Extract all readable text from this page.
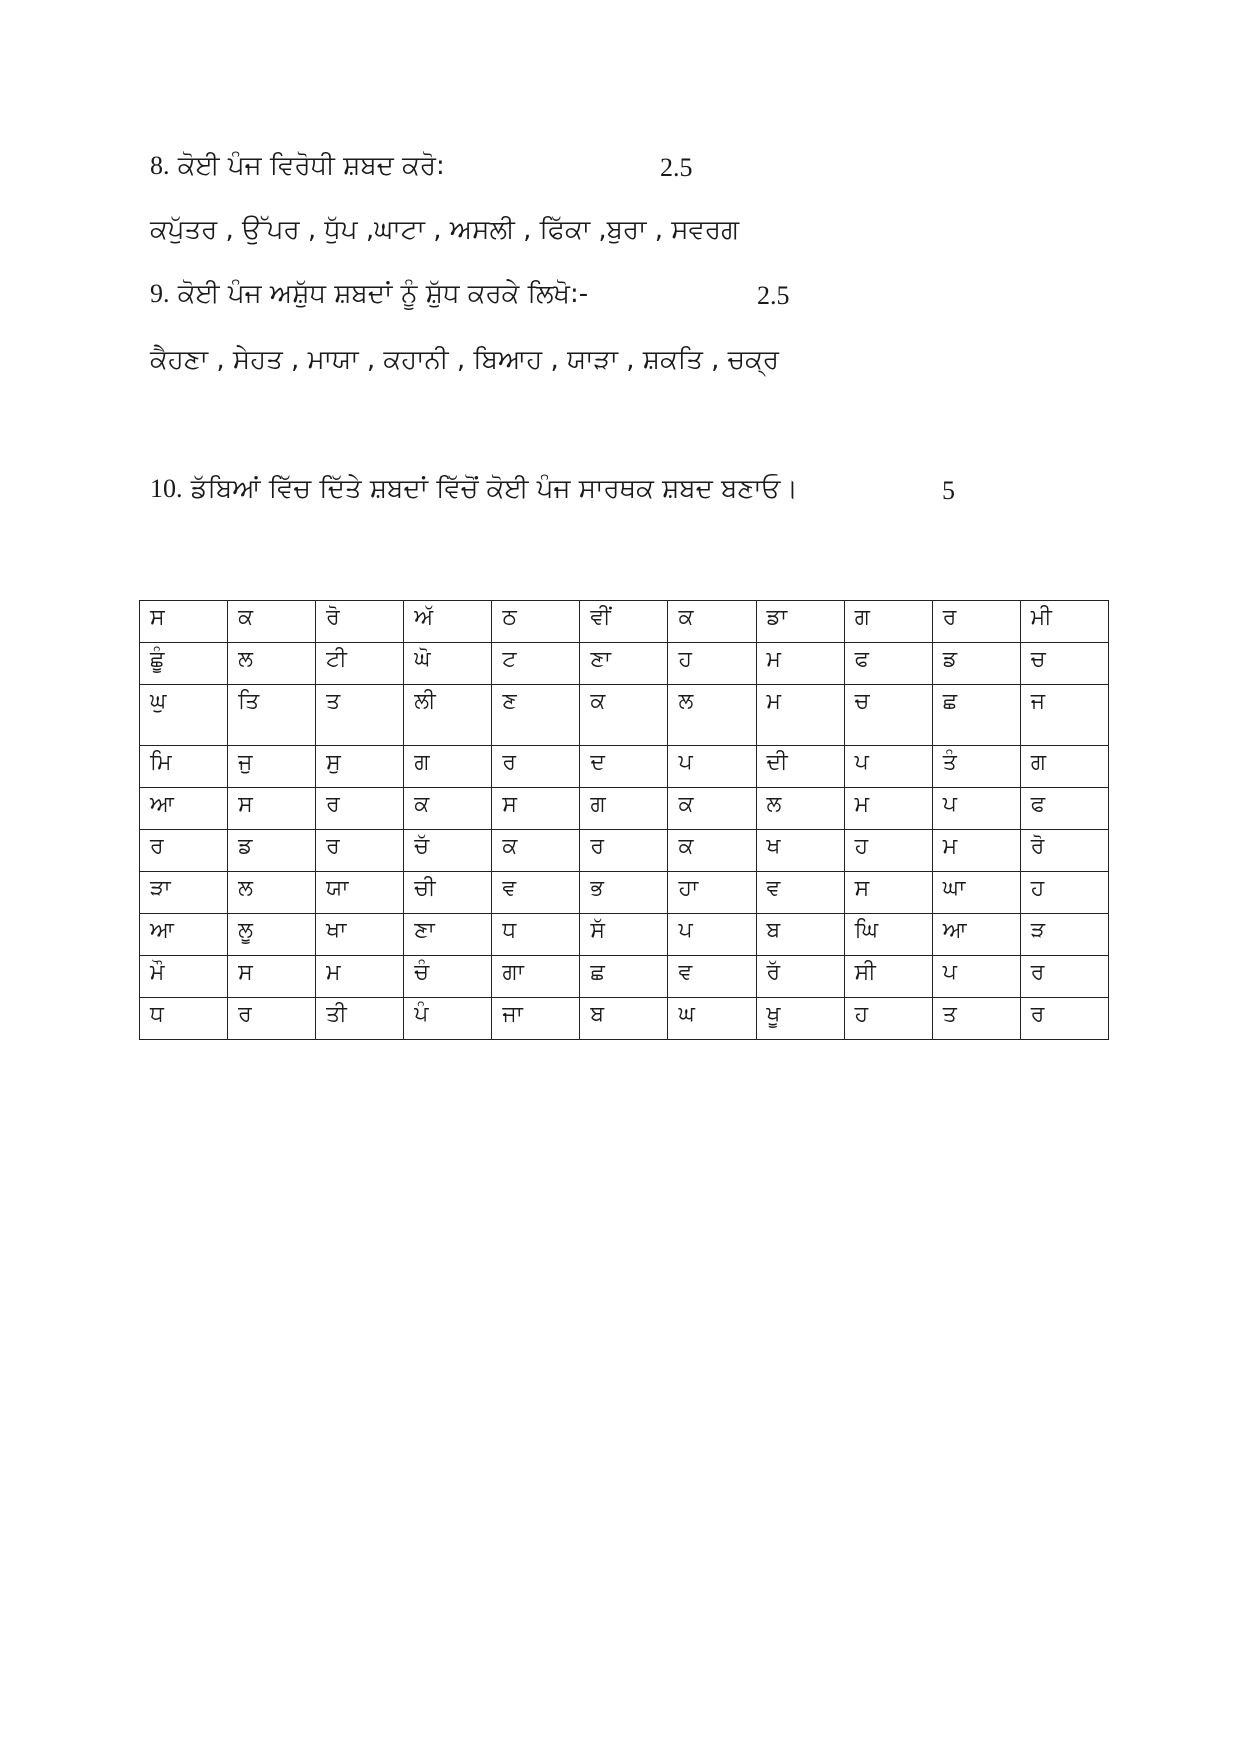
8. ਕੋਈ ਪੰਜ ਵਿਰੋਧੀ ਸ਼ਬਦ ਕਰੋ:	2.5
ਕਪੁੱਤਰ , ਉੱਪਰ , ਧੁੱਪ ,ਘਾਟਾ , ਅਸਲੀ , ਫਿੱਕਾ ,ਬੁਰਾ , ਸਵਰਗ
9. ਕੋਈ ਪੰਜ ਅਸ਼ੁੱਧ ਸ਼ਬਦਾਂ ਨੂੰ ਸ਼ੁੱਧ ਕਰਕੇ ਲਿਖੋ:-	2.5
ਕੈਹਣਾ , ਸੇਹਤ , ਮਾਯਾ , ਕਹਾਨੀ , ਬਿਆਹ , ਯਾੜਾ , ਸ਼ਕਤਿ , ਚਕ੍ਰ
10. ਡੱਬਿਆਂ ਵਿੱਚ ਦਿੱਤੇ ਸ਼ਬਦਾਂ ਵਿੱਚੋਂ ਕੋਈ ਪੰਜ ਸਾਰਥਕ ਸ਼ਬਦ ਬਣਾਓ।	5
ਸ	ਕ	ਰੋ	ਅੱ	ਠ	ਵੀਂ	ਕ	ਡਾ	ਗ	ਰ	ਮੀ
ਛੂੰ	ਲ	ਟੀ	ਘੋ	ਟ	ਣਾ	ਹ	ਮ	ਫ	ਡ	ਚ
ਘੁ	ਤਿ	ਤ	ਲੀ	ਣ	ਕ	ਲ	ਮ	ਚ	ਛ	ਜ
ਮਿ	ਜੁ	ਸੁ	ਗ	ਰ	ਦ	ਪ	ਦੀ	ਪ	ਤੰ	ਗ
ਆ	ਸ	ਰ	ਕ	ਸ	ਗ	ਕ	ਲ	ਮ	ਪ	ਫ
ਰ	ਡ	ਰ	ਚੱ	ਕ	ਰ	ਕ	ਖ	ਹ	ਮ	ਰੋ
ੜਾ	ਲ	ਯਾ	ਚੀ	ਵ	ਭ	ਹਾ	ਵ	ਸ	ਘਾ	ਹ
ਆ	ਲੂ	ਖਾ	ਣਾ	ਧ	ਸੱ	ਪ	ਬ	ਘਿ	ਆ	ੜ
ਮੌ	ਸ	ਮ	ਚੰ	ਗਾ	ਛ	ਵ	ਰੱ	ਸੀ	ਪ	ਰ
ਧ	ਰ	ਤੀ	ਪੰ	ਜਾ	ਬ	ਘ	ਖੂ	ਹ	ਤ	ਰ
